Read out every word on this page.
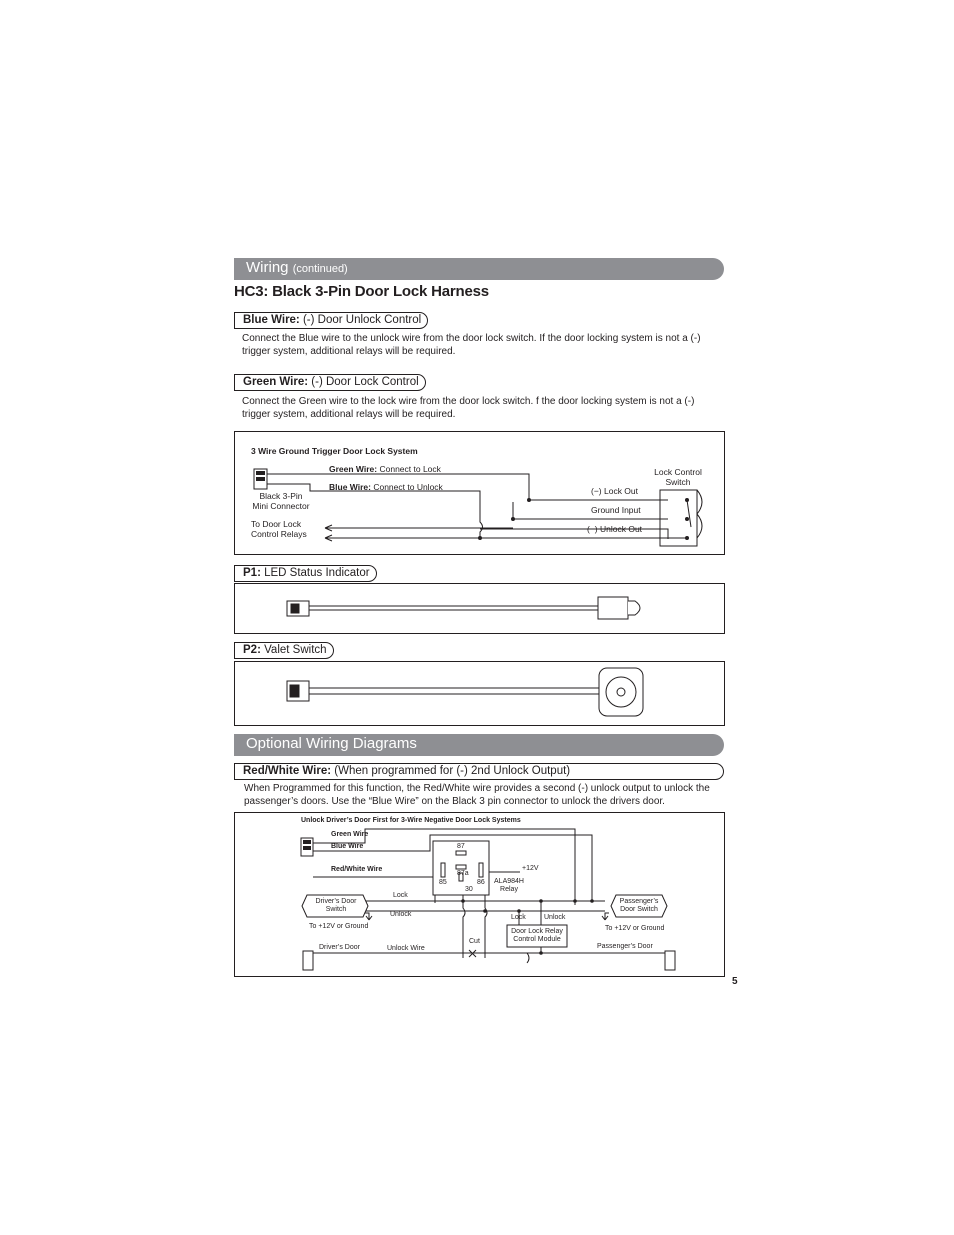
Wiring (continued)
HC3: Black 3-Pin Door Lock Harness
Blue Wire: (-) Door Unlock Control
Connect the Blue wire to the unlock wire from the door lock switch. If the door locking system is not a (-) trigger system, additional relays will be required.
Green Wire: (-) Door Lock Control
Connect the Green wire to the lock wire from the door lock switch. f the door locking system is not a (-) trigger system, additional relays will be required.
3 Wire Ground Trigger Door Lock System
Green Wire: Connect to Lock
Blue Wire: Connect to Unlock
Black 3-Pin
Mini Connector
To Door Lock
Control Relays
(−) Lock Out
Ground Input
(−) Unlock Out
Lock Control
Switch
P1: LED Status Indicator
P2: Valet Switch
Optional Wiring Diagrams
Red/White Wire: (When programmed for (-) 2nd Unlock Output)
When Programmed for this function, the Red/White wire provides a second (-) unlock output to unlock the passenger’s doors. Use the “Blue Wire” on the Black 3 pin connector to unlock the drivers door.
Unlock Driver’s Door First for 3-Wire Negative Door Lock Systems
Green Wire
Blue Wire
Red/White Wire
87
87a
85	86
30
+12V
ALA984H
Relay
Driver’s Door
Switch
To +12V or Ground	To +12V or Ground
Lock
Unlock	Lock	Unlock
Door Lock Relay
Control Module
Passenger’s
Door Switch
Driver’s Door	Unlock Wire
Cut
Passenger’s Door
5
